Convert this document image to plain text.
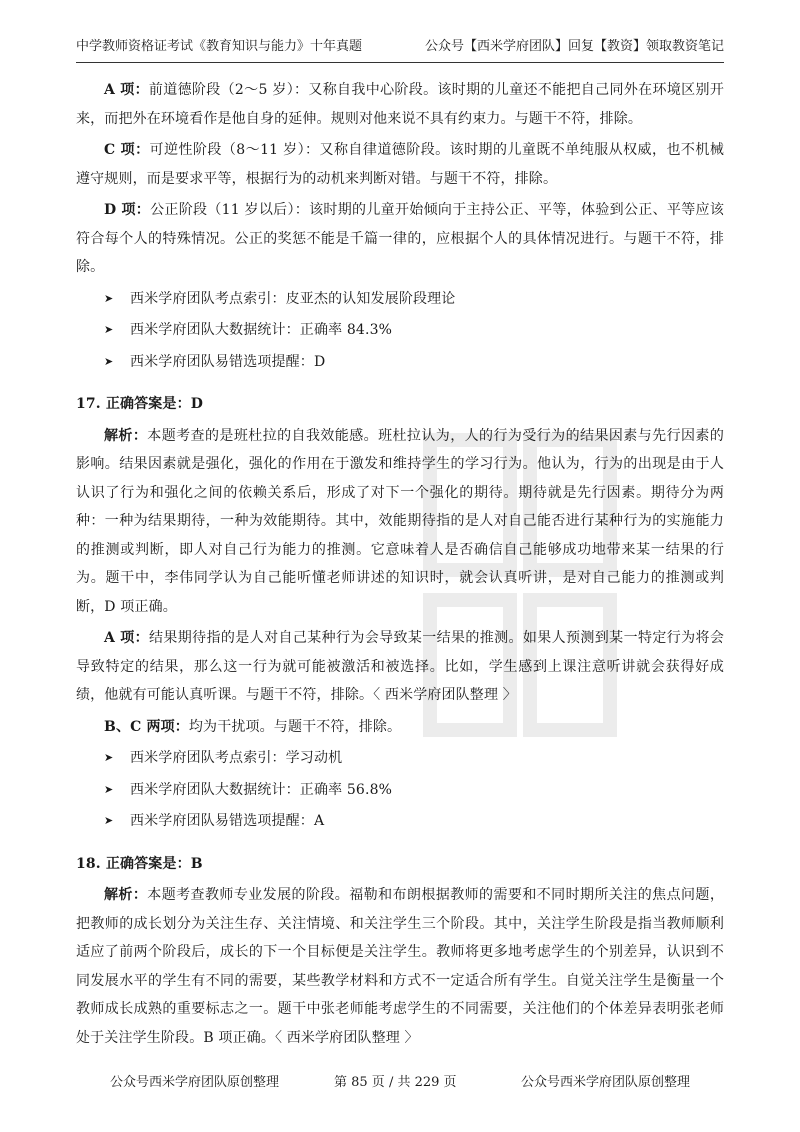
中学教师资格证考试《教育知识与能力》十年真题	公众号【西米学府团队】回复【教资】领取教资笔记

A 项：前道德阶段（2～5 岁）：又称自我中心阶段。该时期的儿童还不能把自己同外在环境区别开来，而把外在环境看作是他自身的延伸。规则对他来说不具有约束力。与题干不符，排除。

C 项：可逆性阶段（8～11 岁）：又称自律道德阶段。该时期的儿童既不单纯服从权威，也不机械遵守规则，而是要求平等，根据行为的动机来判断对错。与题干不符，排除。

D 项：公正阶段（11 岁以后）：该时期的儿童开始倾向于主持公正、平等，体验到公正、平等应该符合每个人的特殊情况。公正的奖惩不能是千篇一律的，应根据个人的具体情况进行。与题干不符，排除。

➤ 西米学府团队考点索引：皮亚杰的认知发展阶段理论
➤ 西米学府团队大数据统计：正确率 84.3%
➤ 西米学府团队易错选项提醒：D
17. 正确答案是：D

解析：本题考查的是班杜拉的自我效能感。班杜拉认为，人的行为受行为的结果因素与先行因素的影响。结果因素就是强化，强化的作用在于激发和维持学生的学习行为。他认为，行为的出现是由于人认识了行为和强化之间的依赖关系后，形成了对下一个强化的期待。期待就是先行因素。期待分为两种：一种为结果期待，一种为效能期待。其中，效能期待指的是人对自己能否进行某种行为的实施能力的推测或判断，即人对自己行为能力的推测。它意味着人是否确信自己能够成功地带来某一结果的行为。题干中，李伟同学认为自己能听懂老师讲述的知识时，就会认真听讲，是对自己能力的推测或判断，D 项正确。

A 项：结果期待指的是人对自己某种行为会导致某一结果的推测。如果人预测到某一特定行为将会导致特定的结果，那么这一行为就可能被激活和被选择。比如，学生感到上课注意听讲就会获得好成绩，他就有可能认真听课。与题干不符，排除。〈 西米学府团队整理 〉

B、C 两项：均为干扰项。与题干不符，排除。

➤ 西米学府团队考点索引：学习动机
➤ 西米学府团队大数据统计：正确率 56.8%
➤ 西米学府团队易错选项提醒：A
18. 正确答案是：B

解析：本题考查教师专业发展的阶段。福勒和布朗根据教师的需要和不同时期所关注的焦点问题，把教师的成长划分为关注生存、关注情境、和关注学生三个阶段。其中，关注学生阶段是指当教师顺利适应了前两个阶段后，成长的下一个目标便是关注学生。教师将更多地考虑学生的个别差异，认识到不同发展水平的学生有不同的需要，某些教学材料和方式不一定适合所有学生。自觉关注学生是衡量一个教师成长成熟的重要标志之一。题干中张老师能考虑学生的不同需要，关注他们的个体差异表明张老师处于关注学生阶段。B 项正确。〈 西米学府团队整理 〉

公众号西米学府团队原创整理	第 85 页 / 共 229 页	公众号西米学府团队原创整理
